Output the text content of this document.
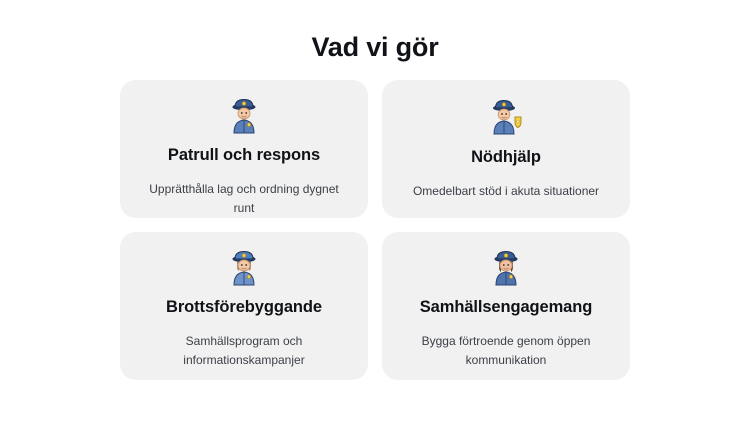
Vad vi gör
Patrull och respons
Upprätthålla lag och ordning dygnet runt
Nödhjälp
Omedelbart stöd i akuta situationer
Brottsförebyggande
Samhällsprogram och informationskampanjer
Samhällsengagemang
Bygga förtroende genom öppen kommunikation
